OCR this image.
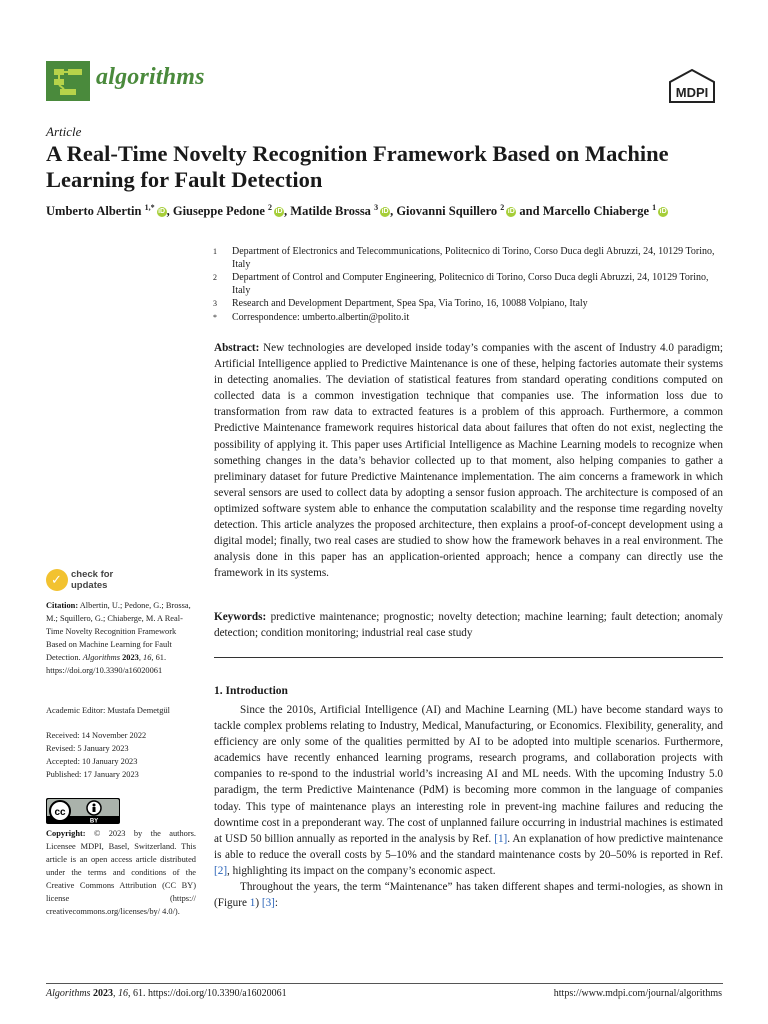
algorithms
MDPI
Article
A Real-Time Novelty Recognition Framework Based on Machine Learning for Fault Detection
Umberto Albertin $^{1,*}$ iD , Giuseppe Pedone $^2$ iD , Matilde Brossa $^3$ iD , Giovanni Squillero $^2$ iD and Marcello Chiaberge $^1$ iD
1	Department of Electronics and Telecommunications, Politecnico di Torino, Corso Duca degli Abruzzi, 24, 10129 Torino, Italy
2	Department of Control and Computer Engineering, Politecnico di Torino, Corso Duca degli Abruzzi, 24, 10129 Torino, Italy
3	Research and Development Department, Spea Spa, Via Torino, 16, 10088 Volpiano, Italy
*	Correspondence: umberto.albertin@polito.it
Abstract: New technologies are developed inside today’s companies with the ascent of Industry 4.0 paradigm; Artificial Intelligence applied to Predictive Maintenance is one of these, helping factories automate their systems in detecting anomalies. The deviation of statistical features from standard operating conditions computed on collected data is a common investigation technique that companies use. The information loss due to transformation from raw data to extracted features is a problem of this approach. Furthermore, a common Predictive Maintenance framework requires historical data about failures that often do not exist, neglecting the possibility of applying it. This paper uses Artificial Intelligence as Machine Learning models to recognize when something changes in the data’s behavior collected up to that moment, also helping companies to gather a preliminary dataset for future Predictive Maintenance implementation. The aim concerns a framework in which several sensors are used to collect data by adopting a sensor fusion approach. The architecture is composed of an optimized software system able to enhance the computation scalability and the response time regarding novelty detection. This article analyzes the proposed architecture, then explains a proof-of-concept development using a digital model; finally, two real cases are studied to show how the framework behaves in a real environment. The analysis done in this paper has an application-oriented approach; hence a company can directly use the framework in its systems.
Keywords: predictive maintenance; prognostic; novelty detection; machine learning; fault detection; anomaly detection; condition monitoring; industrial real case study
1. Introduction

Since the 2010s, Artificial Intelligence (AI) and Machine Learning (ML) have become standard ways to tackle complex problems relating to Industry, Medical, Manufacturing, or Economics. Flexibility, generality, and efficiency are only some of the qualities permitted by AI to be adopted into multiple scenarios. Furthermore, academics have recently enhanced learning programs, research programs, and collaboration projects with companies to re-spond to the industrial world’s increasing AI and ML needs. With the upcoming Industry 5.0 paradigm, the term Predictive Maintenance (PdM) is becoming more common in the language of companies today. This type of maintenance plays an interesting role in prevent-ing machine failures and reducing the downtime cost in a preponderant way. The cost of unplanned failure occurring in industrial machines is estimated at USD 50 billion annually as reported in the analysis by Ref. [1]. An explanation of how predictive maintenance is able to reduce the overall costs by 5–10% and the standard maintenance costs by 20–50% is reported in Ref. [2], highlighting its impact on the company’s economic aspect.

Throughout the years, the term “Maintenance” has taken different shapes and termi-nologies, as shown in (Figure 1) [3]:

✓ check for
updates
Citation: Albertin, U.; Pedone, G.; Brossa, M.; Squillero, G.; Chiaberge, M. A Real-Time Novelty Recognition Framework Based on Machine Learning for Fault Detection. Algorithms 2023, 16, 61. https://doi.org/10.3390/a16020061
Academic Editor: Mustafa Demetgül
Received: 14 November 2022
Revised: 5 January 2023
Accepted: 10 January 2023
Published: 17 January 2023
cc
BY
Copyright: © 2023 by the authors. Licensee MDPI, Basel, Switzerland. This article is an open access article distributed under the terms and conditions of the Creative Commons Attribution (CC BY) license (https:// creativecommons.org/licenses/by/ 4.0/).
Algorithms 2023, 16, 61. https://doi.org/10.3390/a16020061	https://www.mdpi.com/journal/algorithms
